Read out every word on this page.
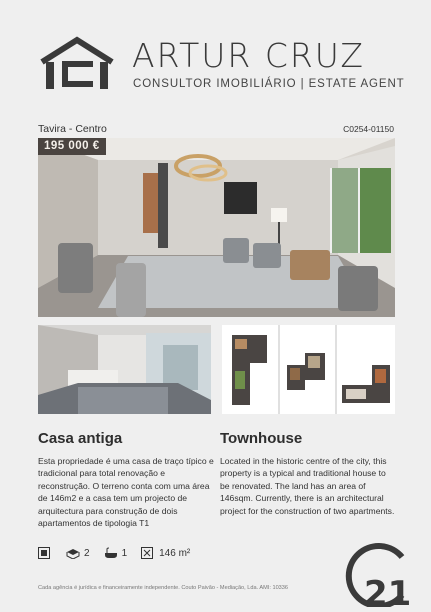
ARTUR CRUZ
CONSULTOR IMOBILIÁRIO | ESTATE AGENT
Tavira - Centro	C0254-01150
195 000 €
Casa antiga	Townhouse
Esta propriedade é uma casa de traço típico e tradicional para total renovação e reconstrução. O terreno conta com uma área de 146m2 e a casa tem um projecto de arquitectura para construção de dois apartamentos de tipologia T1
Located in the historic centre of the city, this property is a typical and traditional house to be renovated. The land has an area of 146sqm. Currently, there is an architectural project for the construction of two apartments.
2	1	146 m²
Cada agência é jurídica e financeiramente independente. Couto Paivão - Mediação, Lda. AMI: 10336 21
